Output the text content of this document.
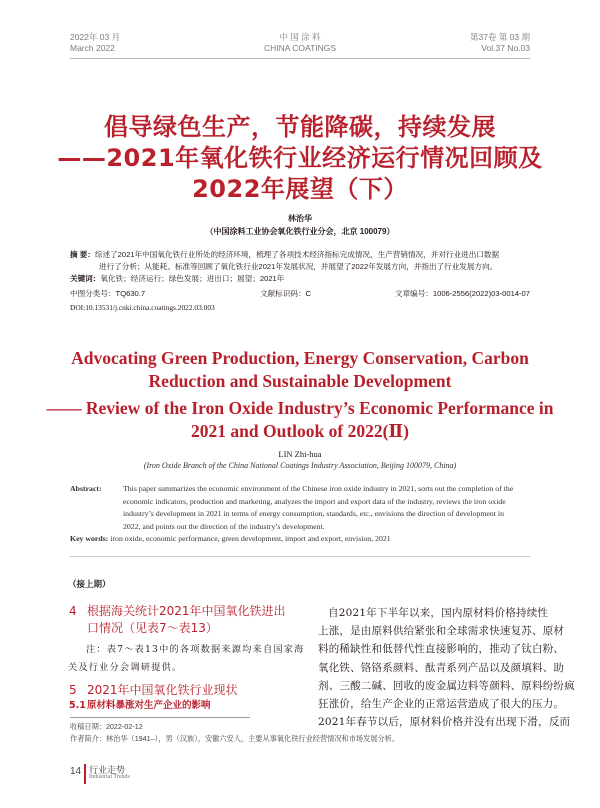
2022年 03 月
March 2022
中 国 涂 料
CHINA COATINGS
第37卷 第 03 期
Vol.37 No.03
倡导绿色生产，节能降碳，持续发展
——2021年氧化铁行业经济运行情况回顾及
2022年展望（下）
林治华
（中国涂料工业协会氧化铁行业分会，北京 100079）
摘 要：综述了2021年中国氧化铁行业所处的经济环境，梳理了各项技术经济指标完成情况，生产营销情况，并对行业进出口数据
进行了分析；从能耗、标准等回顾了氧化铁行业2021年发展状况，并展望了2022年发展方向，并指出了行业发展方向。
关键词：氧化铁；经济运行；绿色发展；进出口；展望；2021年
中图分类号：TQ630.7	文献标识码：C	文章编号：1006-2556(2022)03-0014-07
DOI:10.13531/j.cnki.china.coatings.2022.03.003
Advocating Green Production, Energy Conservation, Carbon
Reduction and Sustainable Development
—— Review of the Iron Oxide Industry’s Economic Performance in
2021 and Outlook of 2022(Ⅱ)
LIN Zhi-hua
(Iron Oxide Branch of the China National Coatings Industry Association, Beijing 100079, China)
Abstract:	This paper summarizes the economic environment of the Chinese iron oxide industry in 2021, sorts out the completion of the
economic indicators, production and marketing, analyzes the import and export data of the industry, reviews the iron oxide
industry’s development in 2021 in terms of energy consumption, standards, etc., envisions the direction of development in
2022, and points out the direction of the industry’s development.
Key words: iron oxide, economic performance, green development, import and export, envision, 2021
（接上期）
4 根据海关统计2021年中国氧化铁进出
口情况（见表7～表13）
注：表7～表13中的各项数据来源均来自国家海
关及行业分会调研提供。
5 2021年中国氧化铁行业现状
5.1 原材料暴涨对生产企业的影响
自2021年下半年以来，国内原材料价格持续性
上涨，是由原料供给紧张和全球需求快速复苏、原材
料的稀缺性和低替代性直接影响的，推动了钛白粉、
氧化铁、铬铬系颜料、酞青系列产品以及颜填料、助
剂、三酸二碱、回收的废金属边料等颜料、原料纷纷疯
狂涨价，给生产企业的正常运营造成了很大的压力。
2021年春节以后，原材料价格并没有出现下滑，反而
收稿日期：2022-02-12
作者简介：林治华（1941–），男（汉族），安徽六安人，主要从事氧化铁行业经营情况和市场发展分析。
14 行业走势
Industrial Trends
